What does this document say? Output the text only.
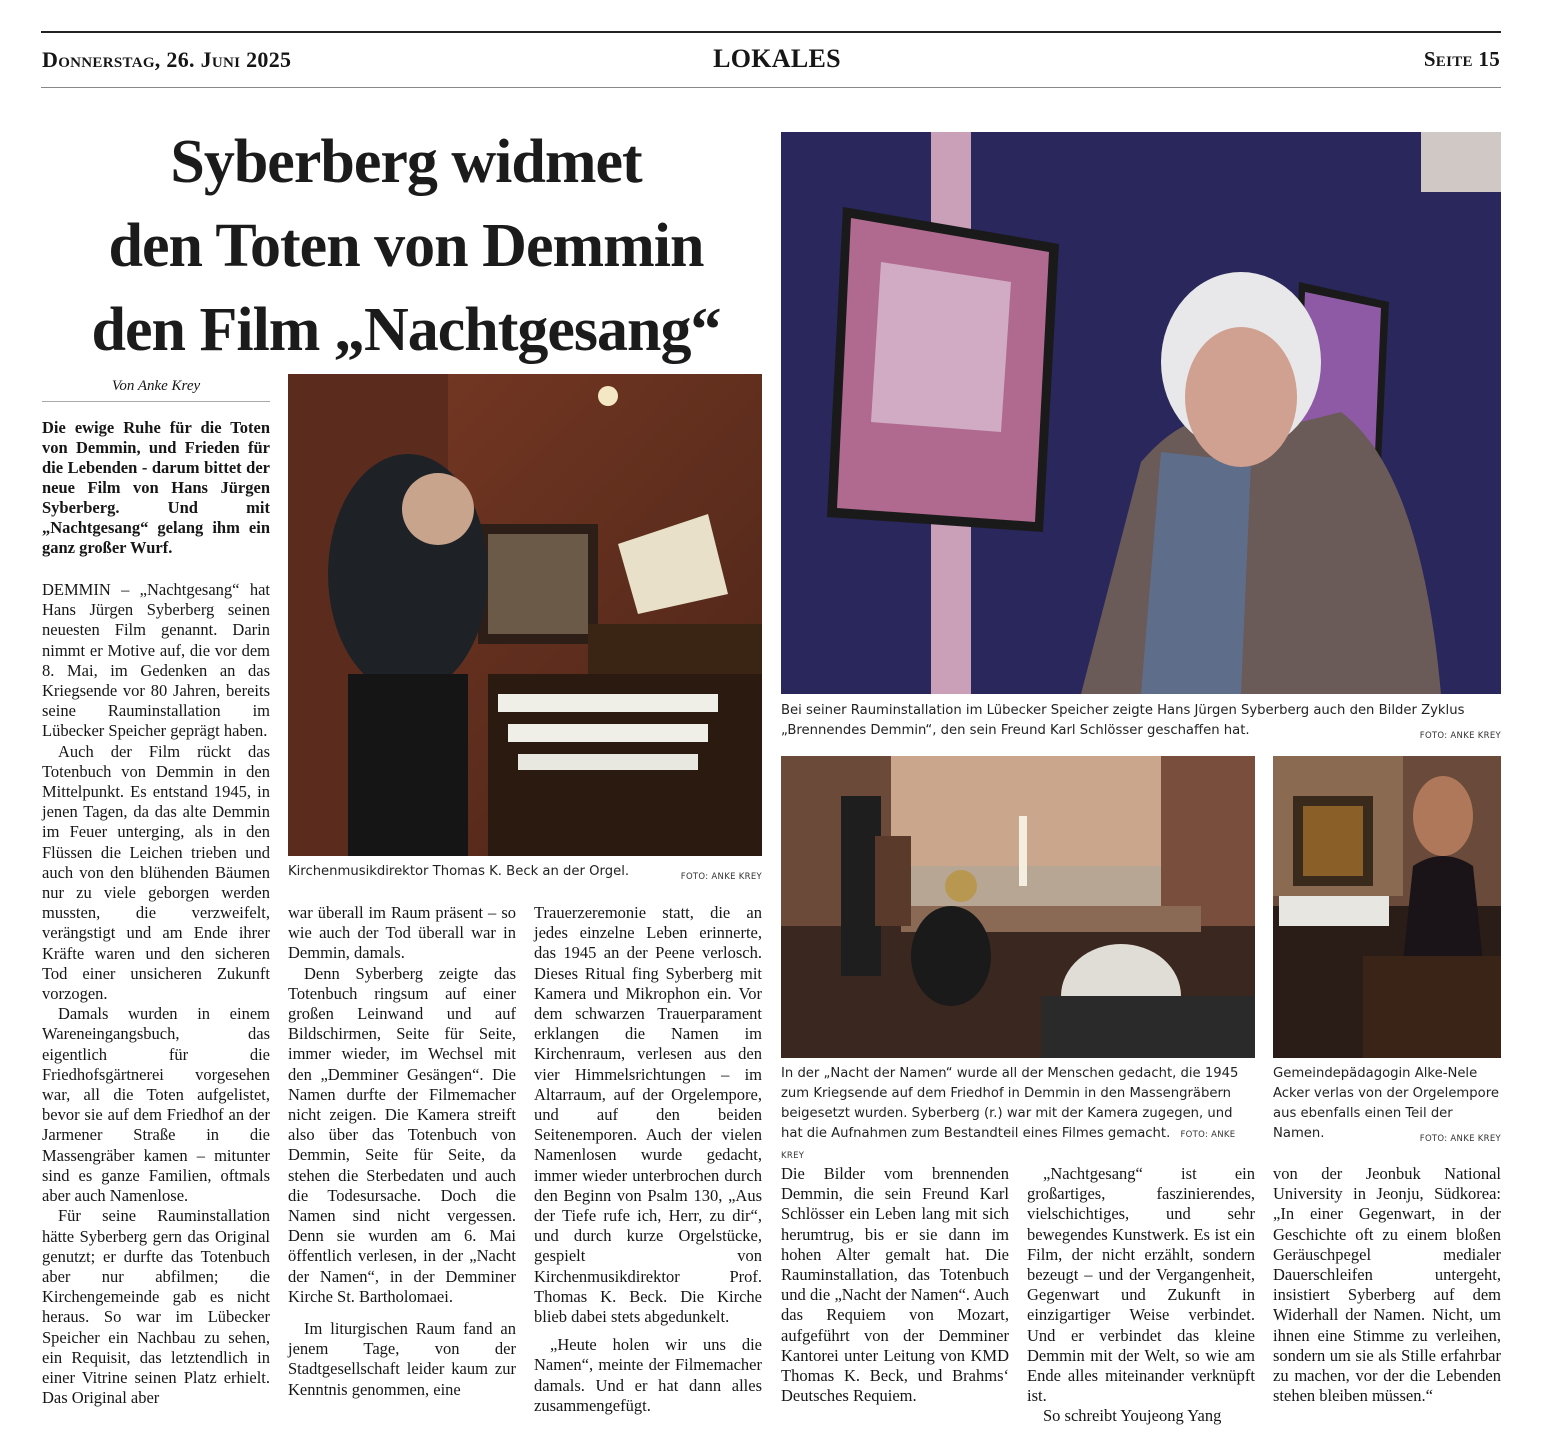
Donnerstag, 26. Juni 2025	LOKALES	Seite 15
Syberberg widmet
den Toten von Demmin
den Film „Nachtgesang“
Von Anke Krey
Die ewige Ruhe für die Toten von Demmin, und Frieden für die Lebenden - darum bittet der neue Film von Hans Jürgen Syberberg. Und mit „Nachtgesang“ gelang ihm ein ganz großer Wurf.

DEMMIN – „Nachtgesang“ hat Hans Jürgen Syberberg seinen neuesten Film genannt. Darin nimmt er Motive auf, die vor dem 8. Mai, im Gedenken an das Kriegsende vor 80 Jahren, bereits seine Rauminstallation im Lübecker Speicher geprägt haben.

Auch der Film rückt das Totenbuch von Demmin in den Mittelpunkt. Es entstand 1945, in jenen Tagen, da das alte Demmin im Feuer unterging, als in den Flüssen die Leichen trieben und auch von den blühenden Bäumen nur zu viele geborgen werden mussten, die verzweifelt, verängstigt und am Ende ihrer Kräfte waren und den sicheren Tod einer unsicheren Zukunft vorzogen.

Damals wurden in einem Wareneingangsbuch, das eigentlich für die Friedhofsgärtnerei vorgesehen war, all die Toten aufgelistet, bevor sie auf dem Friedhof an der Jarmener Straße in die Massengräber kamen – mitunter sind es ganze Familien, oftmals aber auch Namenlose.

Für seine Rauminstallation hätte Syberberg gern das Original genutzt; er durfte das Totenbuch aber nur abfilmen; die Kirchengemeinde gab es nicht heraus. So war im Lübecker Speicher ein Nachbau zu sehen, ein Requisit, das letztendlich in einer Vitrine seinen Platz erhielt. Das Original aber

Kirchenmusikdirektor Thomas K. Beck an der Orgel.	FOTO: ANKE KREY

war überall im Raum präsent – so wie auch der Tod überall war in Demmin, damals.

Denn Syberberg zeigte das Totenbuch ringsum auf einer großen Leinwand und auf Bildschirmen, Seite für Seite, immer wieder, im Wechsel mit den „Demminer Gesängen“. Die Namen durfte der Filmemacher nicht zeigen. Die Kamera streift also über das Totenbuch von Demmin, Seite für Seite, da stehen die Sterbedaten und auch die Todesursache. Doch die Namen sind nicht vergessen. Denn sie wurden am 6. Mai öffentlich verlesen, in der „Nacht der Namen“, in der Demminer Kirche St. Bartholomaei.

Im liturgischen Raum fand an jenem Tage, von der Stadtgesellschaft leider kaum zur Kenntnis genommen, eine

Trauerzeremonie statt, die an jedes einzelne Leben erinnerte, das 1945 an der Peene verlosch. Dieses Ritual fing Syberberg mit Kamera und Mikrophon ein. Vor dem schwarzen Trauerparament erklangen die Namen im Kirchenraum, verlesen aus den vier Himmelsrichtungen – im Altarraum, auf der Orgelempore, und auf den beiden Seitenemporen. Auch der vielen Namenlosen wurde gedacht, immer wieder unterbrochen durch den Beginn von Psalm 130, „Aus der Tiefe rufe ich, Herr, zu dir“, und durch kurze Orgelstücke, gespielt von Kirchenmusikdirektor Prof. Thomas K. Beck. Die Kirche blieb dabei stets abgedunkelt.

„Heute holen wir uns die Namen“, meinte der Filmemacher damals. Und er hat dann alles zusammengefügt.

Bei seiner Rauminstallation im Lübecker Speicher zeigte Hans Jürgen Syberberg auch den Bilder Zyklus „Brennendes Demmin“, den sein Freund Karl Schlösser geschaffen hat.	FOTO: ANKE KREY
In der „Nacht der Namen“ wurde all der Menschen gedacht, die 1945 zum Kriegsende auf dem Friedhof in Demmin in den Massengräbern beigesetzt wurden. Syberberg (r.) war mit der Kamera zugegen, und hat die Aufnahmen zum Bestandteil eines Filmes gemacht. FOTO: ANKE KREY
Gemeindepädagogin Alke-Nele Acker verlas von der Orgelempore aus ebenfalls einen Teil der Namen.	FOTO: ANKE KREY

Die Bilder vom brennenden Demmin, die sein Freund Karl Schlösser ein Leben lang mit sich herumtrug, bis er sie dann im hohen Alter gemalt hat. Die Rauminstallation, das Totenbuch und die „Nacht der Namen“. Auch das Requiem von Mozart, aufgeführt von der Demminer Kantorei unter Leitung von KMD Thomas K. Beck, und Brahms‘ Deutsches Requiem.

„Nachtgesang“ ist ein großartiges, faszinierendes, vielschichtiges, und sehr bewegendes Kunstwerk. Es ist ein Film, der nicht erzählt, sondern bezeugt – und der Vergangenheit, Gegenwart und Zukunft in einzigartiger Weise verbindet. Und er verbindet das kleine Demmin mit der Welt, so wie am Ende alles miteinander verknüpft ist.

So schreibt Youjeong Yang

von der Jeonbuk National University in Jeonju, Südkorea: „In einer Gegenwart, in der Geschichte oft zu einem bloßen Geräuschpegel medialer Dauerschleifen untergeht, insistiert Syberberg auf dem Widerhall der Namen. Nicht, um ihnen eine Stimme zu verleihen, sondern um sie als Stille erfahrbar zu machen, vor der die Lebenden stehen bleiben müssen.“
